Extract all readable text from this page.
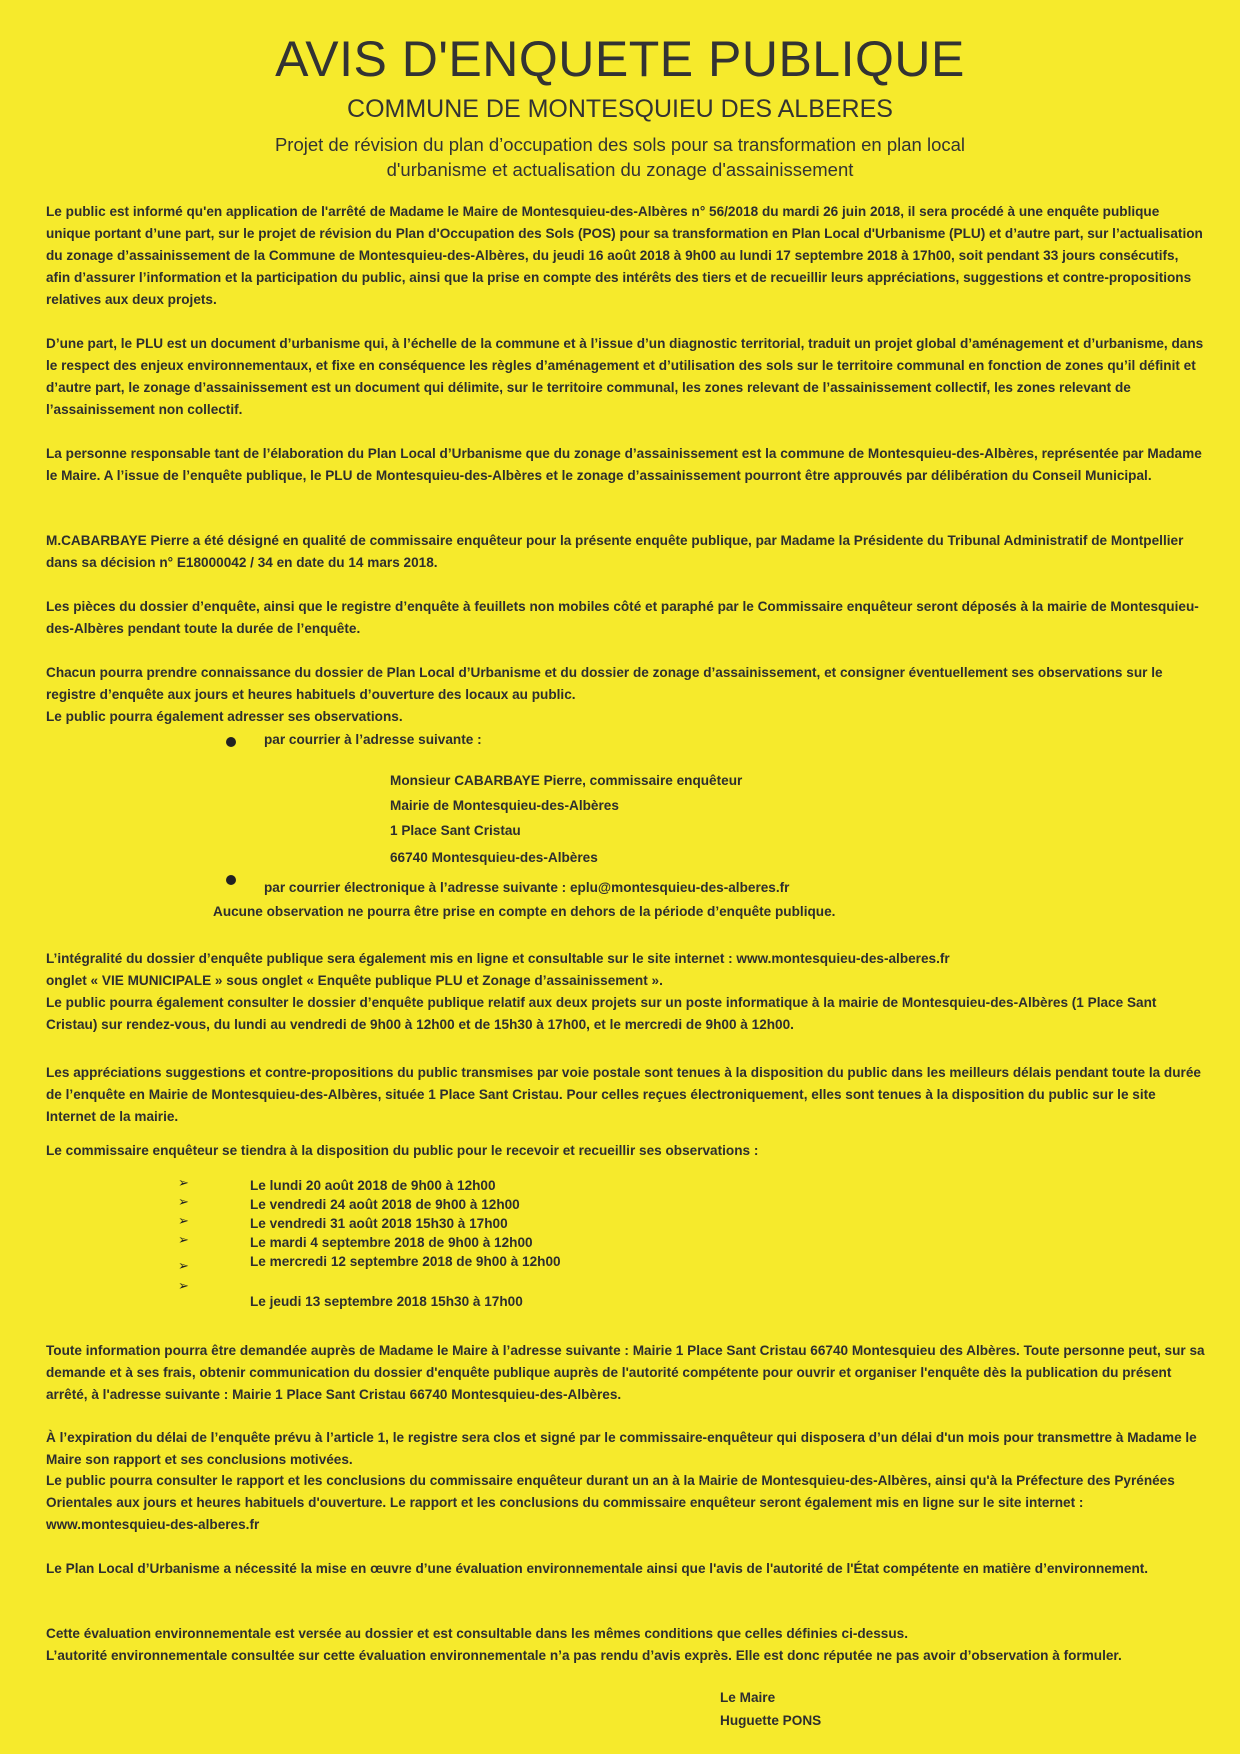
AVIS D'ENQUETE PUBLIQUE
COMMUNE DE MONTESQUIEU DES ALBERES
Projet de révision du plan d’occupation des sols pour sa transformation en plan local
d'urbanisme et actualisation du zonage d'assainissement

Le public est informé qu'en application de l'arrêté de Madame le Maire de Montesquieu-des-Albères n° 56/2018 du mardi 26 juin 2018, il sera procédé à une enquête publique unique portant d’une part, sur le projet de révision du Plan d'Occupation des Sols (POS) pour sa transformation en Plan Local d'Urbanisme (PLU) et d’autre part, sur l’actualisation du zonage d’assainissement de la Commune de Montesquieu-des-Albères, du jeudi 16 août 2018 à 9h00 au lundi 17 septembre 2018 à 17h00, soit pendant 33 jours consécutifs, afin d’assurer l’information et la participation du public, ainsi que la prise en compte des intérêts des tiers et de recueillir leurs appréciations, suggestions et contre-propositions relatives aux deux projets.

D’une part, le PLU est un document d’urbanisme qui, à l’échelle de la commune et à l’issue d’un diagnostic territorial, traduit un projet global d’aménagement et d’urbanisme, dans le respect des enjeux environnementaux, et fixe en conséquence les règles d’aménagement et d’utilisation des sols sur le territoire communal en fonction de zones qu’il définit et d’autre part, le zonage d’assainissement est un document qui délimite, sur le territoire communal, les zones relevant de l’assainissement collectif, les zones relevant de l’assainissement non collectif.

La personne responsable tant de l’élaboration du Plan Local d’Urbanisme que du zonage d’assainissement est la commune de Montesquieu-des-Albères, représentée par Madame le Maire. A l’issue de l’enquête publique, le PLU de Montesquieu-des-Albères et le zonage d’assainissement pourront être approuvés par délibération du Conseil Municipal.

M.CABARBAYE Pierre a été désigné en qualité de commissaire enquêteur pour la présente enquête publique, par Madame la Présidente du Tribunal Administratif de Montpellier dans sa décision n° E18000042 / 34 en date du 14 mars 2018.

Les pièces du dossier d’enquête, ainsi que le registre d’enquête à feuillets non mobiles côté et paraphé par le Commissaire enquêteur seront déposés à la mairie de Montesquieu-des-Albères pendant toute la durée de l’enquête.

Chacun pourra prendre connaissance du dossier de Plan Local d’Urbanisme et du dossier de zonage d’assainissement, et consigner éventuellement ses observations sur le registre d’enquête aux jours et heures habituels d’ouverture des locaux au public.

Le public pourra également adresser ses observations.

par courrier à l’adresse suivante :

Monsieur CABARBAYE Pierre, commissaire enquêteur

Mairie de Montesquieu-des-Albères

1 Place Sant Cristau

66740 Montesquieu-des-Albères

par courrier électronique à l’adresse suivante : eplu@montesquieu-des-alberes.fr

Aucune observation ne pourra être prise en compte en dehors de la période d’enquête publique.

L’intégralité du dossier d’enquête publique sera également mis en ligne et consultable sur le site internet : www.montesquieu-des-alberes.fr

onglet « VIE MUNICIPALE » sous onglet « Enquête publique PLU et Zonage d’assainissement ».

Le public pourra également consulter le dossier d’enquête publique relatif aux deux projets sur un poste informatique à la mairie de Montesquieu-des-Albères (1 Place Sant Cristau) sur rendez-vous, du lundi au vendredi de 9h00 à 12h00 et de 15h30 à 17h00, et le mercredi de 9h00 à 12h00.

Les appréciations suggestions et contre-propositions du public transmises par voie postale sont tenues à la disposition du public dans les meilleurs délais pendant toute la durée de l’enquête en Mairie de Montesquieu-des-Albères, située 1 Place Sant Cristau. Pour celles reçues électroniquement, elles sont tenues à la disposition du public sur le site Internet de la mairie.

Le commissaire enquêteur se tiendra à la disposition du public pour le recevoir et recueillir ses observations :

➢
➢
➢
➢
➢
➢

Le lundi 20 août 2018 de 9h00 à 12h00

Le vendredi 24 août 2018 de 9h00 à 12h00

Le vendredi 31 août 2018 15h30 à 17h00

Le mardi 4 septembre 2018 de 9h00 à 12h00

Le mercredi 12 septembre 2018 de 9h00 à 12h00

Le jeudi 13 septembre 2018 15h30 à 17h00

Toute information pourra être demandée auprès de Madame le Maire à l’adresse suivante : Mairie 1 Place Sant Cristau 66740 Montesquieu des Albères. Toute personne peut, sur sa demande et à ses frais, obtenir communication du dossier d'enquête publique auprès de l'autorité compétente pour ouvrir et organiser l'enquête dès la publication du présent arrêté, à l'adresse suivante : Mairie 1 Place Sant Cristau 66740 Montesquieu-des-Albères.

À l’expiration du délai de l’enquête prévu à l’article 1, le registre sera clos et signé par le commissaire-enquêteur qui disposera d’un délai d'un mois pour transmettre à Madame le Maire son rapport et ses conclusions motivées.

Le public pourra consulter le rapport et les conclusions du commissaire enquêteur durant un an à la Mairie de Montesquieu-des-Albères, ainsi qu'à la Préfecture des Pyrénées Orientales aux jours et heures habituels d'ouverture. Le rapport et les conclusions du commissaire enquêteur seront également mis en ligne sur le site internet : www.montesquieu-des-alberes.fr

Le Plan Local d’Urbanisme a nécessité la mise en œuvre d’une évaluation environnementale ainsi que l'avis de l'autorité de l'État compétente en matière d’environnement.

Cette évaluation environnementale est versée au dossier et est consultable dans les mêmes conditions que celles définies ci-dessus.

L’autorité environnementale consultée sur cette évaluation environnementale n’a pas rendu d’avis exprès. Elle est donc réputée ne pas avoir d’observation à formuler.

Le Maire
Huguette PONS
